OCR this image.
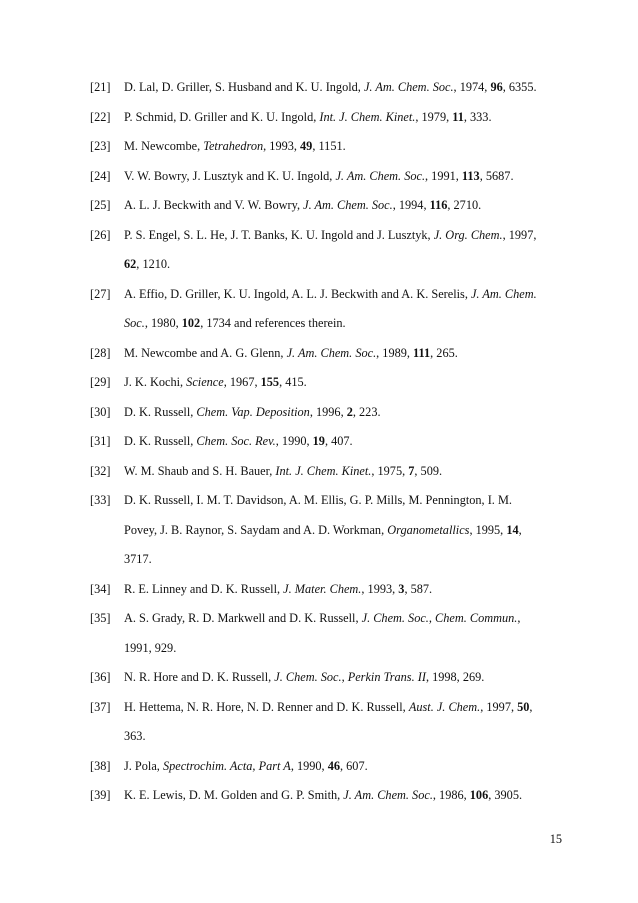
[21]	D. Lal, D. Griller, S. Husband and K. U. Ingold, J. Am. Chem. Soc., 1974, 96, 6355.
[22]	P. Schmid, D. Griller and K. U. Ingold, Int. J. Chem. Kinet., 1979, 11, 333.
[23]	M. Newcombe, Tetrahedron, 1993, 49, 1151.
[24]	V. W. Bowry, J. Lusztyk and K. U. Ingold, J. Am. Chem. Soc., 1991, 113, 5687.
[25]	A. L. J. Beckwith and V. W. Bowry, J. Am. Chem. Soc., 1994, 116, 2710.
[26]	P. S. Engel, S. L. He, J. T. Banks, K. U. Ingold and J. Lusztyk, J. Org. Chem., 1997,
62, 1210.
[27]	A. Effio, D. Griller, K. U. Ingold, A. L. J. Beckwith and A. K. Serelis, J. Am. Chem.
Soc., 1980, 102, 1734 and references therein.
[28]	M. Newcombe and A. G. Glenn, J. Am. Chem. Soc., 1989, 111, 265.
[29]	J. K. Kochi, Science, 1967, 155, 415.
[30]	D. K. Russell, Chem. Vap. Deposition, 1996, 2, 223.
[31]	D. K. Russell, Chem. Soc. Rev., 1990, 19, 407.
[32]	W. M. Shaub and S. H. Bauer, Int. J. Chem. Kinet., 1975, 7, 509.
[33]	D. K. Russell, I. M. T. Davidson, A. M. Ellis, G. P. Mills, M. Pennington, I. M.
Povey, J. B. Raynor, S. Saydam and A. D. Workman, Organometallics, 1995, 14,
3717.
[34]	R. E. Linney and D. K. Russell, J. Mater. Chem., 1993, 3, 587.
[35]	A. S. Grady, R. D. Markwell and D. K. Russell, J. Chem. Soc., Chem. Commun.,
1991, 929.
[36]	N. R. Hore and D. K. Russell, J. Chem. Soc., Perkin Trans. II, 1998, 269.
[37]	H. Hettema, N. R. Hore, N. D. Renner and D. K. Russell, Aust. J. Chem., 1997, 50,
363.
[38]	J. Pola, Spectrochim. Acta, Part A, 1990, 46, 607.
[39]	K. E. Lewis, D. M. Golden and G. P. Smith, J. Am. Chem. Soc., 1986, 106, 3905.
15
